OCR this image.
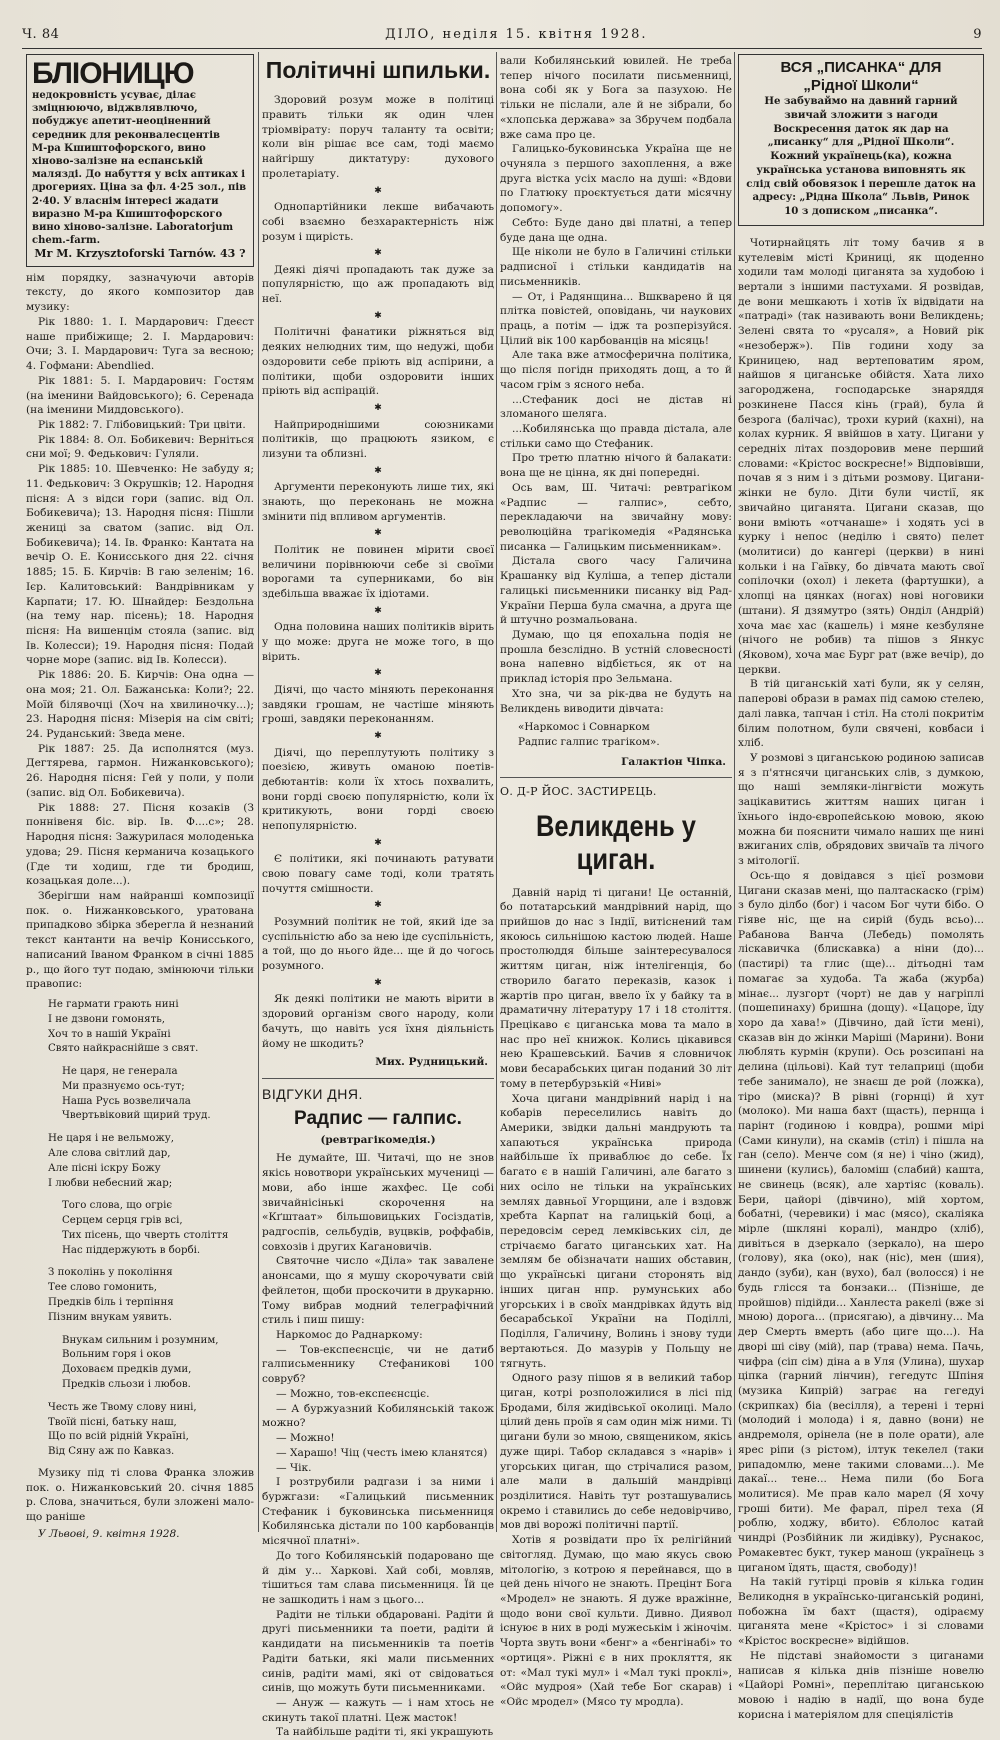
Ч. 84	ДІЛО, неділя 15. квітня 1928.	9
БЛІОНИЦЮ
недокровність усуває, ділає зміцнюючо, віджвлявлючо, побуджує апетит-неоціненний середник для реконвалесцентів
М-ра Кшиштофорского, вино хіново-залізне на еспанській малязді. До набуття у всіх аптиках і дрогериях. Ціна за фл. 4·25 зол., пів 2·40. У власнім інтересі жадати виразно М-ра Кшиштофорского вино хіново-залізне. Laboratorjum chem.-farm.
Mr M. Krzysztoforski Tarnów. 43 ?

нім порядку, зазначуючи авторів тексту, до якого композитор дав музику:

Рік 1880: 1. І. Мардарович: Гдеєст наше прибіжище; 2. І. Мардарович: Очи; 3. І. Мардарович: Туга за весною; 4. Гофмани: Abendlied.

Рік 1881: 5. І. Мардарович: Гостям (на іменини Вайдовського); 6. Серенада (на іменини Миддовського).

Рік 1882: 7. Глібовицький: Три цвіти.

Рік 1884: 8. Ол. Бобикевич: Верніться сни мої; 9. Федькович: Гуляли.

Рік 1885: 10. Шевченко: Не забуду я; 11. Федькович: З Окрушків; 12. Народня пісня: А з відси гори (запис. від Ол. Бобикевича); 13. Народня пісня: Пішли жениці за сватом (запис. від Ол. Бобикевича); 14. Ів. Франко: Кантата на вечір О. Е. Конисського дня 22. січня 1885; 15. Б. Кирчів: В гаю зеленім; 16. Ієр. Калитовський: Вандрівникам у Карпати; 17. Ю. Шнайдер: Бездольна (на тему нар. пісень); 18. Народня пісня: На вишенцім стояла (запис. від Ів. Колесси); 19. Народня пісня: Подай чорне море (запис. від Ів. Колесси).

Рік 1886: 20. Б. Кирчів: Она одна — она моя; 21. Ол. Бажанська: Коли?; 22. Моїй білявочці (Хоч на хвилиночку...); 23. Народня пісня: Мізерія на сім світі; 24. Руданський: Зведа мене.

Рік 1887: 25. Да исполнятся (муз. Дегтярева, гармон. Нижанковського); 26. Народня пісня: Гей у поли, у поли (запис. від Ол. Бобикевича).

Рік 1888: 27. Пісня козаків (З поннівеня біс. вір. Ів. Ф....с»; 28. Народня пісня: Зажурилася молоденька удова; 29. Пісня керманича козацького (Где ти ходиш, где ти бродиш, козацькая доле...).

Зберігши нам найранші композиції пок. о. Нижанковського, уратована припадково збірка зберегла й незнаний текст кантанти на вечір Конисського, написаний Іваном Франком в січні 1885 р., що його тут подаю, змінюючи тільки правопис:

Не гармати грають нині
І не дзвони гомонять,
Хоч то в нашій Україні
Свято найкраснійше з свят.
Не царя, не генерала
Ми празнуємо ось-тут;
Наша Русь возвеличала
Чвертьвіковий щирий труд.
Не царя і не вельможу,
Але слова світлий дар,
Але пісні іскру Божу
І любви небесний жар;
Того слова, що огріє
Серцем серця грів всі,
Тих пісень, що чверть століття
Нас піддержують в борбі.
З поколінь у покоління
Тее слово гомонить,
Предків біль і терпіння
Пізним внукам уявить.
Внукам сильним і розумним,
Вольним горя і оков
Доховаєм предків думи,
Предків сльози і любов.
Честь же Твому слову нині,
Твоїй пісні, батьку наш,
Що по всій рідній Україні,
Від Сяну аж по Кавказ.

Музику під ті слова Франка зложив пок. о. Нижанковський 20. січня 1885 р. Слова, значиться, були зложені мало-що раніше

У Львові, 9. квітня 1928.

Політичні шпильки.

Здоровий розум може в політиці править тільки як один член тріомвірату: поруч таланту та освіти; коли він рішає все сам, тоді маємо найгіршу диктатуру: духового пролетаріату.

✱

Однопартійники лекше вибачають собі взаємно безхарактерність ніж розум і щирість.

✱

Деякі діячі пропадають так дуже за популярністю, що аж пропадають від неї.

✱

Політичні фанатики ріжняться від деяких нелюдних тим, що недужі, щоби оздоровити себе пріють від аспірини, а політики, щоби оздоровити інших пріють від аспірацій.

✱

Найприроднішими союзниками політиків, що працюють язиком, є лизуни та облизні.

✱

Аргументи переконують лише тих, які знають, що переконань не можна змінити під впливом аргументів.

✱

Політик не повинен мірити своєї величини порівнюючи себе зі своїми ворогами та суперниками, бо він здебільша вважає їх ідіотами.

✱

Одна половина наших політиків вірить у що може: друга не може того, в що вірить.

✱

Діячі, що часто міняють переконання завдяки грошам, не частіше міняють гроші, завдяки переконанням.

✱

Діячі, що переплутують політику з поезією, живуть оманою поетів-дебютантів: коли їх хтось похвалить, вони горді своєю популярністю, коли їх критикують, вони горді своєю непопулярністю.

✱

Є політики, які починають ратувати свою повагу саме тоді, коли тратять почуття смішности.

✱

Розумний політик не той, який іде за суспільністю або за нею іде суспільність, а той, що до нього йде... ще й до чогось розумного.

✱

Як деякі політики не мають вірити в здоровий організм свого народу, коли бачуть, що навіть уся їхня діяльність йому не шкодить?

Мих. Рудницький.
ВІДГУКИ ДНЯ.
Радпис — галпис.
(ревтрагікомедія.)

Не думайте, Ш. Читачі, що не знов якісь новотвори українських мучениці — мови, або інше жахфес. Це собі звичайнісінькі скорочення на «Кґштаат» більшовицьких Госіздатів, радгоспів, сельбудів, вуцвків, роффабів, совхозів і других Кагановичів.

Святочне число «Діла» так завалене анонсами, що я мушу скорочувати свій фейлетон, щоби проскочити в друкарню. Тому вибрав модний телеграфічний стиль і пиш пишу:

Наркомос до Раднаркому:

— Тов-експеєнсціє, чи не датиб галписьменнику Стефаникові 100 совруб?

— Можно, тов-експеєнсціє.

— А буржуазний Кобилянській також можно?

— Можно!

— Харашо! Чіц (честь імею кланятся)

— Чік.

І розтрубили радгази і за ними і буржгази: «Галицький письменник Стефаник і буковинська письменниця Кобилянська дістали по 100 карбованців місячної платні».

До того Кобилянській подаровано ще й дім у... Харкові. Хай собі, мовляв, тішиться там слава письменниця. Їй це не зашкодить і нам з цього...

Радіти не тільки обдаровані. Радіти й другі письменники та поети, радіти й кандидати на письменників та поетів Радіти батьки, які мали письменних синів, радіти мамі, які от свідоваться синів, що можуть бути письменниками.

— Ануж — кажуть — і нам хтось не скинуть такої платні. Цеж масток!

Та найбільше радіти ті, які украшують

вали Кобилянський ювилей. Не треба тепер нічого посилати письменниці, вона собі як у Бога за пазухою. Не тільки не післали, але й не зібрали, бо «хлопська держава» за Збручем подбала вже сама про це.

Галицько-буковинська Україна ще не очуняла з першого захоплення, а вже друга вістка усіх масло на душі: «Вдови по Глатюку проєктується дати місячну допомогу».

Себто: Буде дано дві платні, а тепер буде дана ще одна.

Ще ніколи не було в Галичині стільки радписної і стільки кандидатів на письменників.

— От, і Радянщина... Вшкварено й ця плітка повістей, оповідань, чи наукових праць, а потім — ідж та розперізуйся. Цілий вік 100 карбованців на місяць!

Але така вже атмосферична політика, що після погідн приходять дощ, а то й часом грім з ясного неба.

...Стефаник досі не дістав ні зломаного шеляга.

...Кобилянська що правда дістала, але стільки само що Стефаник.

Про третю платню нічого й балакати: вона ще не цінна, як дні попередні.

Ось вам, Ш. Читачі: ревтрагіком «Радпис — галпис», себто, перекладаючи на звичайну мову: революційна трагікомедія «Радянська писанка — Галицьким письменникам».

Дістала свого часу Галичина Крашанку від Куліша, а тепер дістали галицькі письменники писанку від Рад-України Перша була смачна, а друга ще й штучно розмальована.

Думаю, що ця епохальна подія не прошла безслідно. В устній словесності вона напевно відбіється, як от на приклад історія про Зельмана.

Хто зна, чи за рік-два не будуть на Великдень виводити дівчата:

«Наркомос і Совнарком
Радпис галпис трагіком».
Галактіон Чіпка.
О. Д-Р ЙОС. ЗАСТИРЕЦЬ.
Великдень у циган.

Давній нарід ті цигани! Це останній, бо потатарський мандрівний нарід, що прийшов до нас з Індії, витіснений там якоюсь сильнішою кастою людей. Наше простолюддя більше заінтересувалося життям циган, ніж інтелігенція, бо створило багато переказів, казок і жартів про циган, ввело їх у байку та в драматичну літературу 17 і 18 століття. Прецікаво є циганська мова та мало в нас про неї книжок. Колись цікавився нею Крашевський. Бачив я словничок мови бесарабських циган поданий 30 літ тому в петербурзькій «Ниві»

Хоча цигани мандрівний нарід і на кобарів переселились навіть до Америки, звідки дальні мандрують та хапаються українська природа найбільше їх приваблює до себе. Їх багато є в нашій Галичині, але багато з них осіло не тільки на українських землях давньої Угорщини, але і вздовж хребта Карпат на галицькій боці, а передовсім серед лемківських сіл, де стрічаємо багато циганських хат. На землям бе обізначати наших обставин, що українські цигани сторонять від інших циган нпр. румунських або угорських і в своїх мандрівках йдуть від бесарабської України на Поділлі, Поділля, Галичину, Волинь і знову туди вертаються. До мазурів у Польщу не тягнуть.

Одного разу пішов я в великий табор циган, котрі розположилися в лісі під Бродами, біля жидівської околиці. Мало цілий день проїв я сам один між ними. Ті цигани були зо мною, священиком, якісь дуже щирі. Табор складався з «нарів» і угорських циган, що стрічалися разом, але мали в дальшій мандрівці розділитися. Навіть тут розташувались окремо і ставились до себе недовірчиво, мов дві ворожі політичні партії.

Хотів я розвідати про їх релігійний світогляд. Думаю, що маю якусь свою мітологію, з котрою я перейнався, що в цей день нічого не знають. Прецінт Бога «Мродел» не знають. Я дуже вражінне, щодо вони свої культи. Дивно. Диявол існуює в них в роді мужеськім і жіночім. Чорта звуть вони «бенг» а «бенгінабі» то «ортиця». Ріжні є в них прокляття, як от: «Мал тукі мул» і «Мал тукі проклі», «Ойс мудроя» (Хай тебе Бог скарав) і «Ойс мродел» (Мясо ту мродла).

ВСЯ „ПИСАНКА“ ДЛЯ
„Рідної Школи“
Не забуваймо на давний гарний звичай зложити з нагоди Воскресення даток як дар на „писанку“ для „Рідної Школи“. Кожний українець(ка), кожна українська установа виповнять як слід свій обовязок і перешле даток на адресу: „Рідна Школа“ Львів, Ринок 10 з дописком „писанка“.

Чотирнайцять літ тому бачив я в кутелевім місті Криниці, як щоденно ходили там молоді циганята за худобою і вертали з іншими пастухами. Я розвідав, де вони мешкають і хотів їх відвідати на «патраді» (так називають вони Великдень; Зелені свята то «русаля», а Новий рік «незоберж»). Пів години ходу за Криницею, над вертеповатим яром, найшов я циганське обійстя. Хата лихо загороджена, господарське знаряддя розкинене Пасся кінь (грай), була й безрога (балічас), трохи курий (кахні), на колах курник. Я ввійшов в хату. Цигани у середніх літах поздоровив мене перший словами: «Крістос воскресне!» Відповівши, почав я з ним і з дітьми розмову. Цигани-жінки не було. Діти були чистії, як звичайно циганята. Цигани сказав, що вони вміють «отчанаше» і ходять усі в курку і непос (неділю і свято) пелет (молитиси) до кангері (церкви) в нині кольки і на Гаївку, бо дівчата мають свої сопілочки (охол) і лекета (фартушки), а хлопці на цянках (ногах) нові ноговики (штани). Я дзямутро (зять) Онділ (Андрій) хоча має хас (кашель) і мяне кезбуляне (нічого не робив) та пішов з Янкус (Яковом), хоча має Бург рат (вже вечір), до церкви.

В тій циганській хаті були, як у селян, паперові образи в рамах під самою стелею, далі лавка, тапчан і стіл. На столі покритім білим полотном, були свячені, ковбаси і хліб.

У розмові з циганською родиною записав я з п'ятнсячи циганських слів, з думкою, що наші земляки-лінгвісти можуть зацікавитись життям наших циган і їхнього індо-європейською мовою, якою можна би пояснити чимало наших ще нині вжиганих слів, обрядових звичаїв та лічого з мітології.

Ось-що я довідався з цієї розмови Цигани сказав мені, що палтаскаско (грім) з було ділбо (бог) і часом Бог чути бібо. О гіяве ніс, ще на сирій (будь всьо)... Рабанова Ванча (Лебедь) помолять ліскавичка (блискавка) а ніни (до)... (пастирі) та глис (ще)... дітьодні там помагає за худоба. Та жаба (журба) мінає... лузгорт (чорт) не дав у нагріплі (пошепинаху) бришна (дощу). «Цацоре, їду хоро да хава!» (Дівчино, дай їсти мені), сказав він до жінки Маріші (Марини). Вони люблять курмін (крупи). Ось розсипані на делина (цільові). Кай тут телаприці (щоби тебе занимало), не знаєш де рой (ложка), тіро (миска)? В рівні (горнці) й хут (молоко). Ми наша бахт (щасть), пернща і парінт (годиною і ковдра), рошми мірі (Сами кинули), на скамів (стіл) і пішла на ган (село). Менче сом (я не) і чіно (жид), шинени (кулись), баломіш (слабий) кашта, не свинець (всяк), але хартіяс (коваль). Бери, цайорі (дівчино), мій хортом, бобатні, (черевики) і мас (мясо), скаліяка мірле (шкляні коралі), мандро (хліб), дивіться в дзеркало (зеркало), на шеро (голову), яка (око), нак (ніс), мен (шия), дандо (зуби), кан (вухо), бал (волосся) і не будь глісся та бонзаки... (Пізніше, де пройшов) підійди... Ханлеста ракелі (вже зі мною) дорога... (присягаю), а дівчину... Ма дер Смерть вмерть (або циге що...). На дворі ші сіву (мій), пар (трава) нема. Пачь, чифра (сіп сім) діна а в Уля (Улина), шухар ціпка (гарний лінчин), гегедутс Шпіня (музика Кипрій) заграє на гегедуі (скрипках) біа (весілля), а терені і терні (молодий і молода) і я, давно (вони) не андремоля, орінела (не в поле орати), але ярес ріпи (з рістом), ілтук текелел (таки рипадомлю, мене такими словами...). Ме дакаї... тене... Нема пили (бо Бога молитися). Ме прав кало марел (Я хочу гроші бити). Ме фарал, пірел теха (Я роблю, ходжу, вбито). Єблолос катай чиндрі (Розбійник ли жидівку), Руснакос, Ромакевтес букт, тукер манош (українець з циганом їдять, щастя, свободу)!

На такій гутірці провів я кілька годин Великодня в українсько-циганській родині, побожна їм бахт (щастя), одіраєму циганята мене «Крістос» і зі словами «Крістос воскресне» відійшов.

Не підставі знайомости з циганами написав я кілька днів пізніше новелю «Цайорі Ромні», переплітаю циганською мовою і надію в надії, що вона буде корисна і матеріялом для спеціялістів
